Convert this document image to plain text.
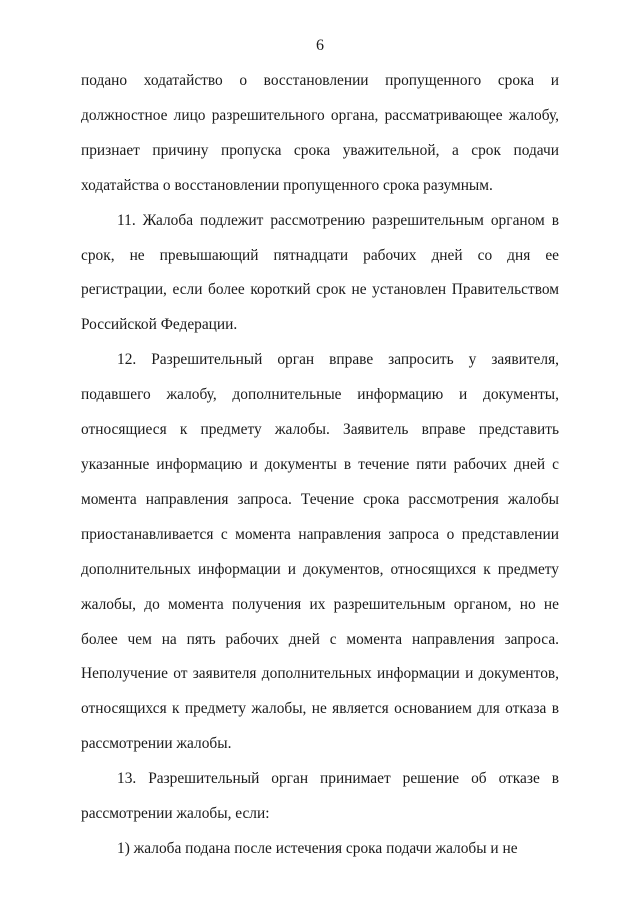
6

подано ходатайство о восстановлении пропущенного срока и должностное лицо разрешительного органа, рассматривающее жалобу, признает причину пропуска срока уважительной, а срок подачи ходатайства о восстановлении пропущенного срока разумным.

11. Жалоба подлежит рассмотрению разрешительным органом в срок, не превышающий пятнадцати рабочих дней со дня ее регистрации, если более короткий срок не установлен Правительством Российской Федерации.

12. Разрешительный орган вправе запросить у заявителя, подавшего жалобу, дополнительные информацию и документы, относящиеся к предмету жалобы. Заявитель вправе представить указанные информацию и документы в течение пяти рабочих дней с момента направления запроса. Течение срока рассмотрения жалобы приостанавливается с момента направления запроса о представлении дополнительных информации и документов, относящихся к предмету жалобы, до момента получения их разрешительным органом, но не более чем на пять рабочих дней с момента направления запроса. Неполучение от заявителя дополнительных информации и документов, относящихся к предмету жалобы, не является основанием для отказа в рассмотрении жалобы.

13. Разрешительный орган принимает решение об отказе в рассмотрении жалобы, если:

1) жалоба подана после истечения срока подачи жалобы и не
